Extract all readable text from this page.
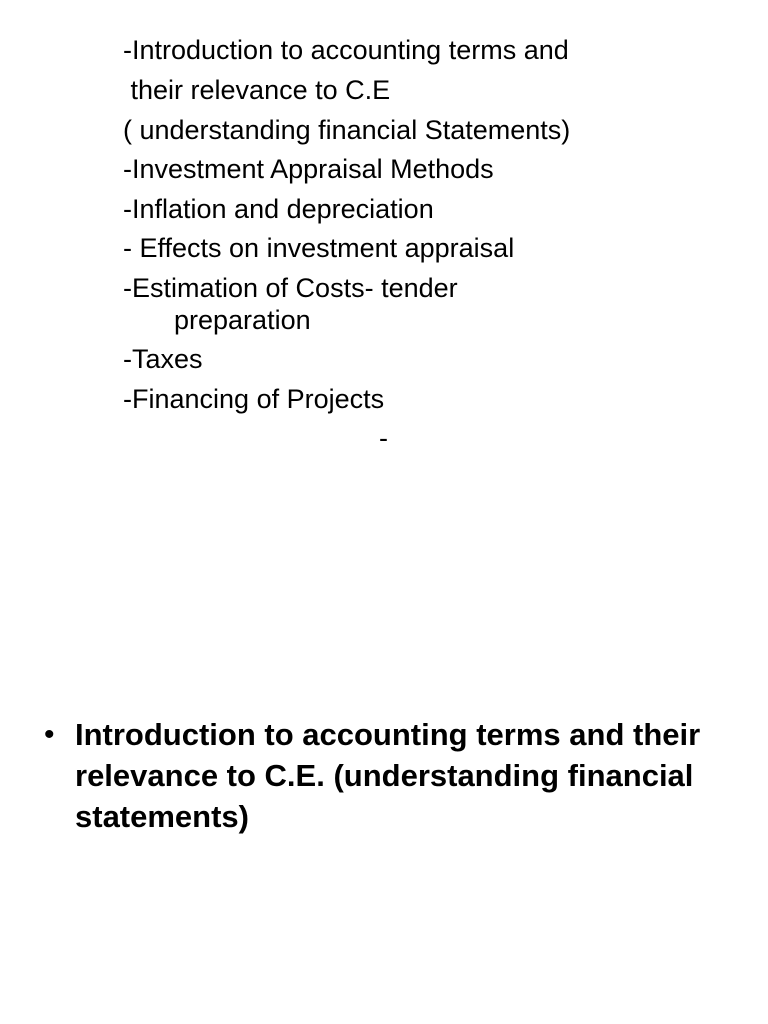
-Introduction to accounting terms and
their relevance to C.E
( understanding financial Statements)
-Investment Appraisal Methods
-Inflation and depreciation
- Effects on investment appraisal
-Estimation of Costs- tender
preparation
-Taxes
-Financing of Projects
-
• Introduction to accounting terms and their relevance to C.E. (understanding financial statements)
